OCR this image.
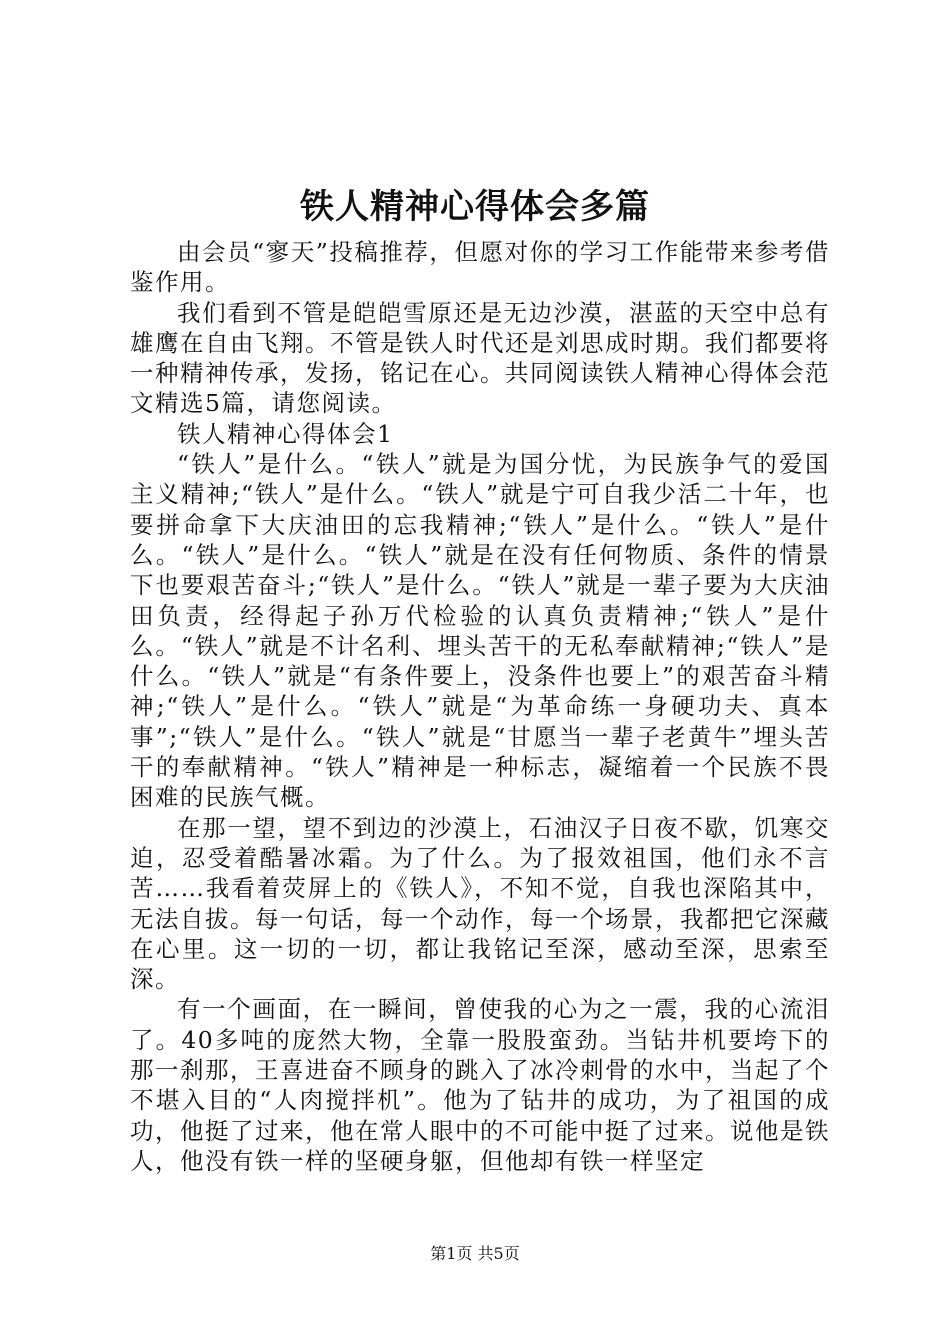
铁人精神心得体会多篇

由会员“寥天”投稿推荐，但愿对你的学习工作能带来参考借鉴作用。

我们看到不管是皑皑雪原还是无边沙漠，湛蓝的天空中总有雄鹰在自由飞翔。不管是铁人时代还是刘思成时期。我们都要将一种精神传承，发扬，铭记在心。共同阅读铁人精神心得体会范文精选5篇，请您阅读。

铁人精神心得体会1

“铁人”是什么。“铁人”就是为国分忧，为民族争气的爱国主义精神;“铁人”是什么。“铁人”就是宁可自我少活二十年，也要拼命拿下大庆油田的忘我精神;“铁人”是什么。“铁人”是什么。“铁人”是什么。“铁人”就是在没有任何物质、条件的情景下也要艰苦奋斗;“铁人”是什么。“铁人”就是一辈子要为大庆油田负责，经得起子孙万代检验的认真负责精神;“铁人”是什么。“铁人”就是不计名利、埋头苦干的无私奉献精神;“铁人”是什么。“铁人”就是“有条件要上，没条件也要上”的艰苦奋斗精神;“铁人”是什么。“铁人”就是“为革命练一身硬功夫、真本事”;“铁人”是什么。“铁人”就是“甘愿当一辈子老黄牛”埋头苦干的奉献精神。“铁人”精神是一种标志，凝缩着一个民族不畏困难的民族气概。

在那一望，望不到边的沙漠上，石油汉子日夜不歇，饥寒交迫，忍受着酷暑冰霜。为了什么。为了报效祖国，他们永不言苦……我看着荧屏上的《铁人》，不知不觉，自我也深陷其中，无法自拔。每一句话，每一个动作，每一个场景，我都把它深藏在心里。这一切的一切，都让我铭记至深，感动至深，思索至深。

有一个画面，在一瞬间，曾使我的心为之一震，我的心流泪了。40多吨的庞然大物，全靠一股股蛮劲。当钻井机要垮下的那一刹那，王喜进奋不顾身的跳入了冰冷刺骨的水中，当起了个不堪入目的“人肉搅拌机”。他为了钻井的成功，为了祖国的成功，他挺了过来，他在常人眼中的不可能中挺了过来。说他是铁人，他没有铁一样的坚硬身躯，但他却有铁一样坚定

第1页 共5页
